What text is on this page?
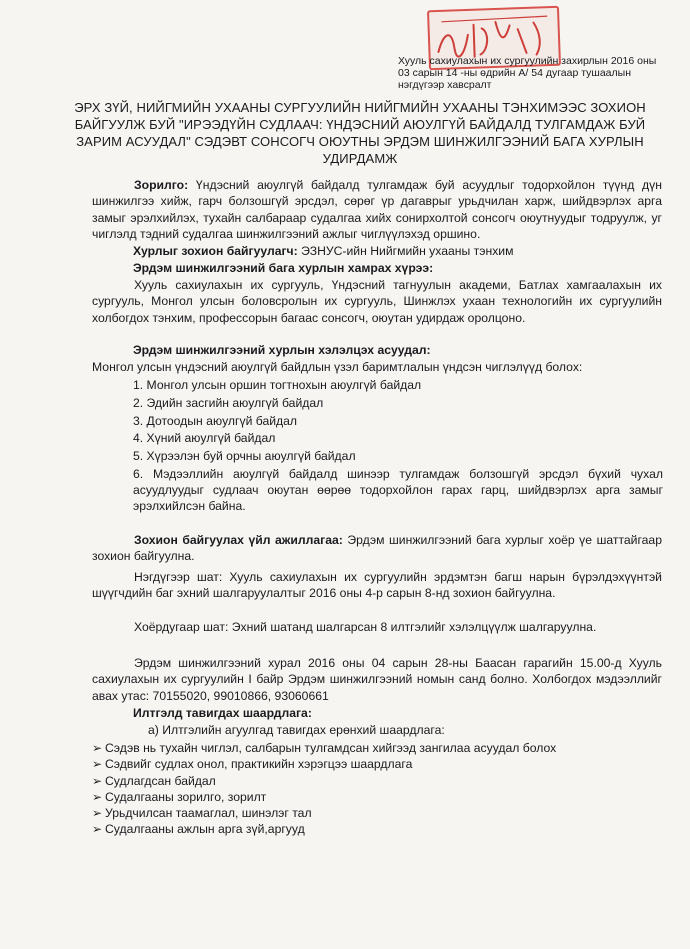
Хууль сахиулахын их сургуулийн захирлын 2016 оны 03 сарын 14 -ны өдрийн А/ 54 дугаар тушаалын нэгдүгээр хавсралт
ЭРХ ЗҮЙ, НИЙГМИЙН УХААНЫ СУРГУУЛИЙН НИЙГМИЙН УХААНЫ ТЭНХИМЭЭС ЗОХИОН БАЙГУУЛЖ БУЙ "ИРЭЭДҮЙН СУДЛААЧ: ҮНДЭСНИЙ АЮУЛГҮЙ БАЙДАЛД ТУЛГАМДАЖ БУЙ ЗАРИМ АСУУДАЛ" СЭДЭВТ СОНСОГЧ ОЮУТНЫ ЭРДЭМ ШИНЖИЛГЭЭНИЙ БАГА ХУРЛЫН УДИРДАМЖ
Зорилго: Үндэсний аюулгүй байдалд тулгамдаж буй асуудлыг тодорхойлон түүнд дүн шинжилгээ хийж, гарч болзошгүй эрсдэл, сөрөг үр дагаврыг урьдчилан харж, шийдвэрлэх арга замыг эрэлхийлэх, тухайн салбараар судалгаа хийх сонирхолтой сонсогч оюутнуудыг тодруулж, уг чиглэлд тэдний судалгаа шинжилгээний ажлыг чиглүүлэхэд оршино.
Хурлыг зохион байгуулагч: ЭЗНУС-ийн Нийгмийн ухааны тэнхим
Эрдэм шинжилгээний бага хурлын хамрах хүрээ:
Хууль сахиулахын их сургууль, Үндэсний тагнуулын академи, Батлах хамгаалахын их сургууль, Монгол улсын боловсролын их сургууль, Шинжлэх ухаан технологийн их сургуулийн холбогдох тэнхим, профессорын багаас сонсогч, оюутан удирдаж оролцоно.
Эрдэм шинжилгээний хурлын хэлэлцэх асуудал:
Монгол улсын үндэсний аюулгүй байдлын үзэл баримтлалын үндсэн чиглэлүүд болох:
1. Монгол улсын оршин тогтнохын аюулгүй байдал
2. Эдийн засгийн аюулгүй байдал
3. Дотоодын аюулгүй байдал
4. Хүний аюулгүй байдал
5. Хүрээлэн буй орчны аюулгүй байдал
6. Мэдээллийн аюулгүй байдалд шинээр тулгамдаж болзошгүй эрсдэл бүхий чухал асуудлуудыг судлаач оюутан өөрөө тодорхойлон гарах гарц, шийдвэрлэх арга замыг эрэлхийлсэн байна.
Зохион байгуулах үйл ажиллагаа: Эрдэм шинжилгээний бага хурлыг хоёр үе шаттайгаар зохион байгуулна.
Нэгдүгээр шат: Хууль сахиулахын их сургуулийн эрдэмтэн багш нарын бүрэлдэхүүнтэй шүүгчдийн баг эхний шалгаруулалтыг 2016 оны 4-р сарын 8-нд зохион байгуулна.
Хоёрдугаар шат: Эхний шатанд шалгарсан 8 илтгэлийг хэлэлцүүлж шалгаруулна.
Эрдэм шинжилгээний хурал 2016 оны 04 сарын 28-ны Баасан гарагийн 15.00-д Хууль сахиулахын их сургуулийн I байр Эрдэм шинжилгээний номын санд болно. Холбогдох мэдээллийг авах утас: 70155020, 99010866, 93060661
Илтгэлд тавигдах шаардлага:
а) Илтгэлийн агуулгад тавигдах ерөнхий шаардлага:
➢ Сэдэв нь тухайн чиглэл, салбарын тулгамдсан хийгээд зангилаа асуудал болох
➢ Сэдвийг судлах онол, практикийн хэрэгцээ шаардлага
➢ Судлагдсан байдал
➢ Судалгааны зорилго, зорилт
➢ Урьдчилсан таамаглал, шинэлэг тал
➢ Судалгааны ажлын арга зүй,аргууд
